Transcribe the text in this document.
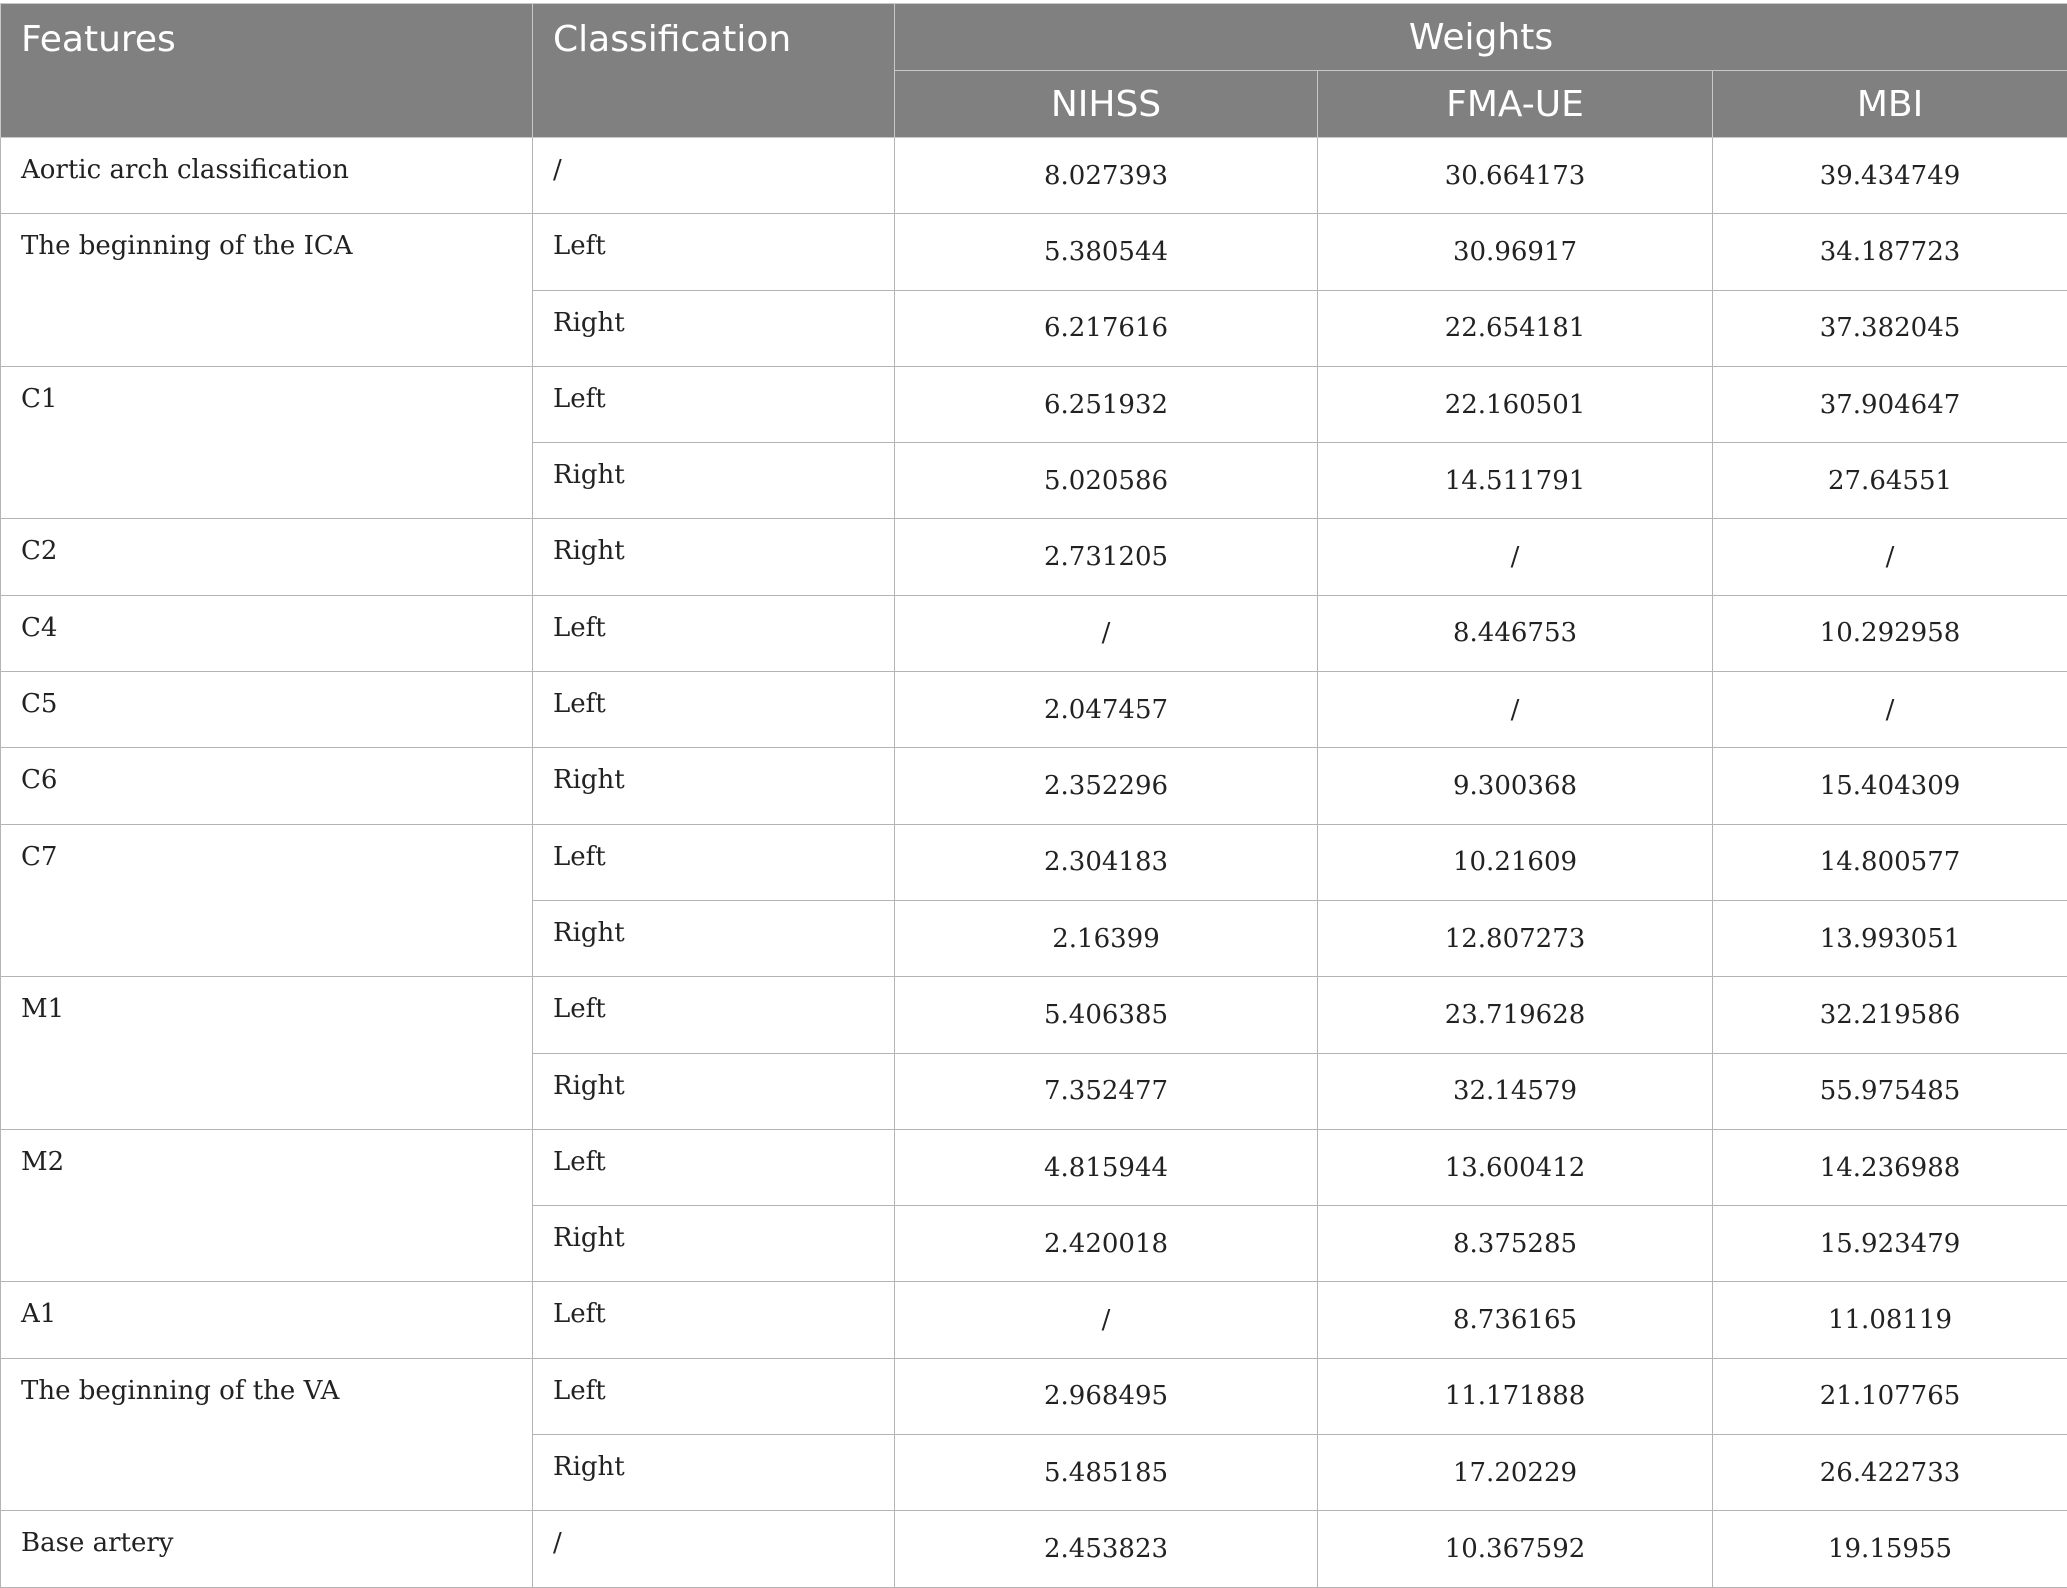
Features	Classification	Weights		
		NIHSS	FMA-UE	MBI
Aortic arch classification	/	8.027393	30.664173	39.434749
The beginning of the ICA	Left	5.380544	30.96917	34.187723
	Right	6.217616	22.654181	37.382045
C1	Left	6.251932	22.160501	37.904647
	Right	5.020586	14.511791	27.64551
C2	Right	2.731205	/	/
C4	Left	/	8.446753	10.292958
C5	Left	2.047457	/	/
C6	Right	2.352296	9.300368	15.404309
C7	Left	2.304183	10.21609	14.800577
	Right	2.16399	12.807273	13.993051
M1	Left	5.406385	23.719628	32.219586
	Right	7.352477	32.14579	55.975485
M2	Left	4.815944	13.600412	14.236988
	Right	2.420018	8.375285	15.923479
A1	Left	/	8.736165	11.08119
The beginning of the VA	Left	2.968495	11.171888	21.107765
	Right	5.485185	17.20229	26.422733
Base artery	/	2.453823	10.367592	19.15955
